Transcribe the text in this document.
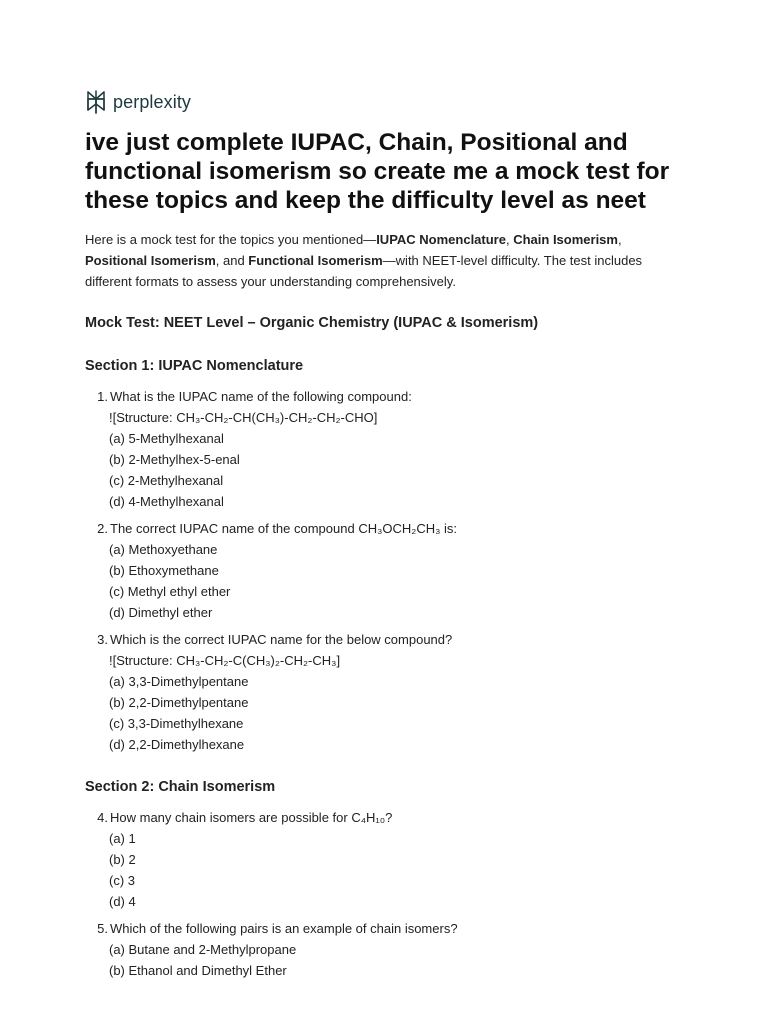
perplexity
ive just complete IUPAC, Chain, Positional and functional isomerism so create me a mock test for these topics and keep the difficulty level as neet

Here is a mock test for the topics you mentioned—IUPAC Nomenclature, Chain Isomerism, Positional Isomerism, and Functional Isomerism—with NEET-level difficulty. The test includes different formats to assess your understanding comprehensively.

Mock Test: NEET Level – Organic Chemistry (IUPAC & Isomerism)
Section 1: IUPAC Nomenclature
1. What is the IUPAC name of the following compound:
![Structure: CH₃-CH₂-CH(CH₃)-CH₂-CH₂-CHO]
(a) 5-Methylhexanal
(b) 2-Methylhex-5-enal
(c) 2-Methylhexanal
(d) 4-Methylhexanal
2. The correct IUPAC name of the compound CH₃OCH₂CH₃ is:
(a) Methoxyethane
(b) Ethoxymethane
(c) Methyl ethyl ether
(d) Dimethyl ether
3. Which is the correct IUPAC name for the below compound?
![Structure: CH₃-CH₂-C(CH₃)₂-CH₂-CH₃]
(a) 3,3-Dimethylpentane
(b) 2,2-Dimethylpentane
(c) 3,3-Dimethylhexane
(d) 2,2-Dimethylhexane
Section 2: Chain Isomerism
4. How many chain isomers are possible for C₄H₁₀?
(a) 1
(b) 2
(c) 3
(d) 4
5. Which of the following pairs is an example of chain isomers?
(a) Butane and 2-Methylpropane
(b) Ethanol and Dimethyl Ether
